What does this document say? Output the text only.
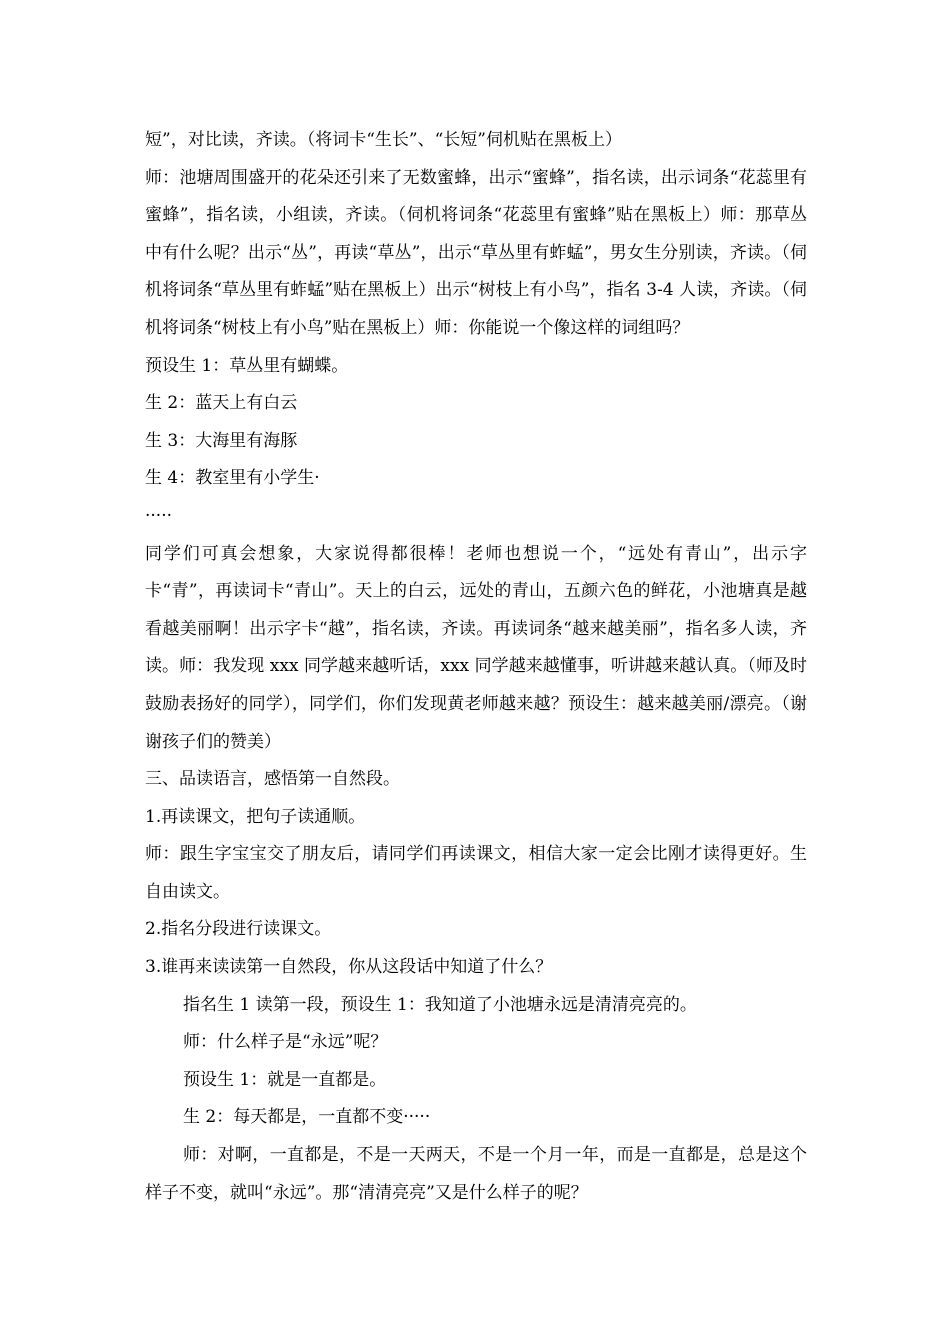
短”，对比读，齐读。（将词卡“生长”、“长短”伺机贴在黑板上）

师：池塘周围盛开的花朵还引来了无数蜜蜂，出示“蜜蜂”，指名读，出示词条“花蕊里有蜜蜂”，指名读，小组读，齐读。（伺机将词条“花蕊里有蜜蜂”贴在黑板上）师：那草丛中有什么呢？出示“丛”，再读“草丛”，出示“草丛里有蚱蜢”，男女生分别读，齐读。（伺机将词条“草丛里有蚱蜢”贴在黑板上）出示“树枝上有小鸟”，指名 3-4 人读，齐读。（伺机将词条“树枝上有小鸟”贴在黑板上）师：你能说一个像这样的词组吗？

预设生 1：草丛里有蝴蝶。

生 2：蓝天上有白云

生 3：大海里有海豚

生 4：教室里有小学生·

·····

同学们可真会想象，大家说得都很棒！老师也想说一个，“远处有青山”，出示字卡“青”，再读词卡“青山”。天上的白云，远处的青山，五颜六色的鲜花，小池塘真是越看越美丽啊！出示字卡“越”，指名读，齐读。再读词条“越来越美丽”，指名多人读，齐读。师：我发现 xxx 同学越来越听话，xxx 同学越来越懂事，听讲越来越认真。（师及时鼓励表扬好的同学），同学们，你们发现黄老师越来越？预设生：越来越美丽/漂亮。（谢谢孩子们的赞美）

三、品读语言，感悟第一自然段。

1.再读课文，把句子读通顺。

师：跟生字宝宝交了朋友后，请同学们再读课文，相信大家一定会比刚才读得更好。生自由读文。

2.指名分段进行读课文。

3.谁再来读读第一自然段，你从这段话中知道了什么？

指名生 1 读第一段，预设生 1：我知道了小池塘永远是清清亮亮的。

师：什么样子是“永远”呢？

预设生 1：就是一直都是。

生 2：每天都是，一直都不变·····

师：对啊，一直都是，不是一天两天，不是一个月一年，而是一直都是，总是这个样子不变，就叫“永远”。那“清清亮亮”又是什么样子的呢？
